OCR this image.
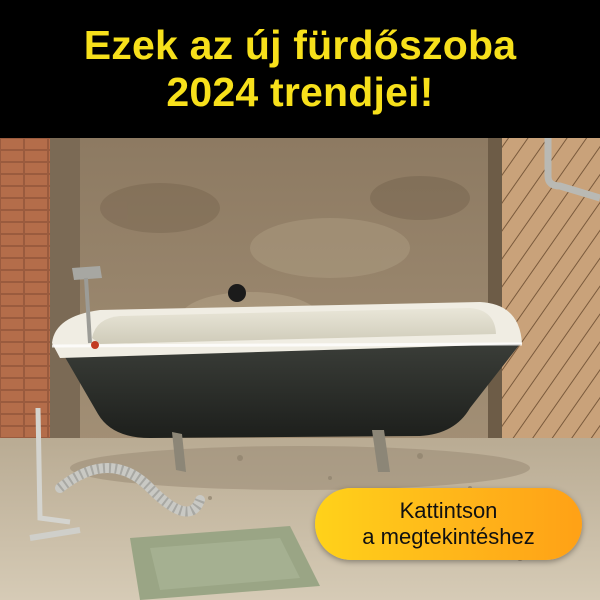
Ezek az új fürdőszoba

2024 trendjei!

Kattintson
a megtekintéshez
